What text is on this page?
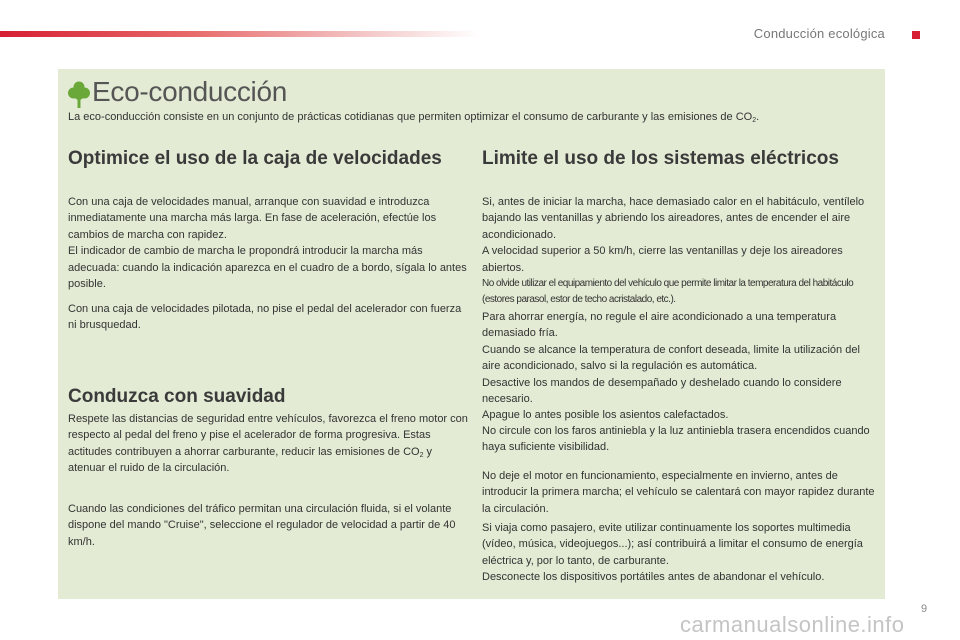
Conducción ecológica
Eco-conducción

La eco-conducción consiste en un conjunto de prácticas cotidianas que permiten optimizar el consumo de carburante y las emisiones de $CO_2$.

Optimice el uso de la caja de velocidades

Con una caja de velocidades manual, arranque con suavidad e introduzca inmediatamente una marcha más larga. En fase de aceleración, efectúe los cambios de marcha con rapidez.
El indicador de cambio de marcha le propondrá introducir la marcha más adecuada: cuando la indicación aparezca en el cuadro de a bordo, sígala lo antes posible.

Con una caja de velocidades pilotada, no pise el pedal del acelerador con fuerza ni brusquedad.

Conduzca con suavidad

Respete las distancias de seguridad entre vehículos, favorezca el freno motor con respecto al pedal del freno y pise el acelerador de forma progresiva. Estas actitudes contribuyen a ahorrar carburante, reducir las emisiones de $CO_2$ y atenuar el ruido de la circulación.

Cuando las condiciones del tráfico permitan una circulación fluida, si el volante dispone del mando "Cruise", seleccione el regulador de velocidad a partir de 40 km/h.

Limite el uso de los sistemas eléctricos

Si, antes de iniciar la marcha, hace demasiado calor en el habitáculo, ventílelo bajando las ventanillas y abriendo los aireadores, antes de encender el aire acondicionado.
A velocidad superior a 50 km/h, cierre las ventanillas y deje los aireadores abiertos.

No olvide utilizar el equipamiento del vehículo que permite limitar la temperatura del habitáculo (estores parasol, estor de techo acristalado, etc.).

Para ahorrar energía, no regule el aire acondicionado a una temperatura demasiado fría.
Cuando se alcance la temperatura de confort deseada, limite la utilización del aire acondicionado, salvo si la regulación es automática.
Desactive los mandos de desempañado y deshelado cuando lo considere necesario.
Apague lo antes posible los asientos calefactados.

No circule con los faros antiniebla y la luz antiniebla trasera encendidos cuando haya suficiente visibilidad.

No deje el motor en funcionamiento, especialmente en invierno, antes de introducir la primera marcha; el vehículo se calentará con mayor rapidez durante la circulación.

Si viaja como pasajero, evite utilizar continuamente los soportes multimedia (vídeo, música, videojuegos...); así contribuirá a limitar el consumo de energía eléctrica y, por lo tanto, de carburante.
Desconecte los dispositivos portátiles antes de abandonar el vehículo.

9
carmanualsonline.info
